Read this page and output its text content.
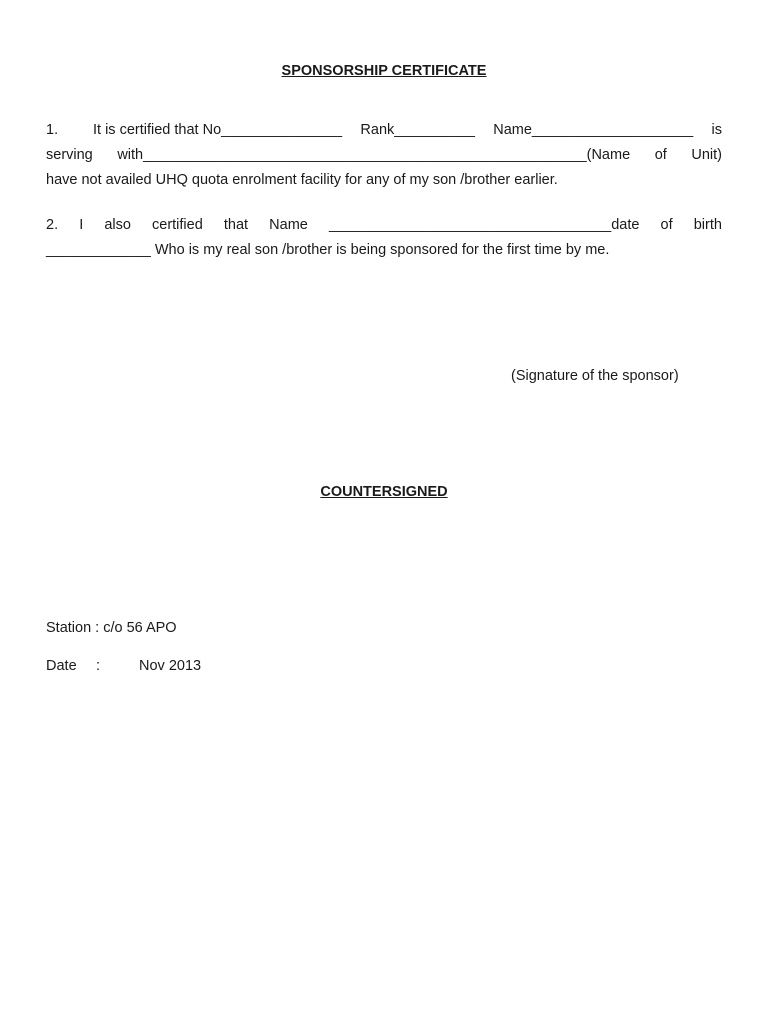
SPONSORSHIP CERTIFICATE
1. It is certified that No_______________ Rank__________ Name____________________ is
serving with_______________________________________________________(Name of Unit)
have not availed UHQ quota enrolment facility for any of my son /brother earlier.
2. I also certified that Name ___________________________________date of birth
_____________ Who is my real son /brother is being sponsored for the first time by me.
(Signature of the sponsor)
COUNTERSIGNED
Station : c/o 56 APO
Date :	Nov 2013
